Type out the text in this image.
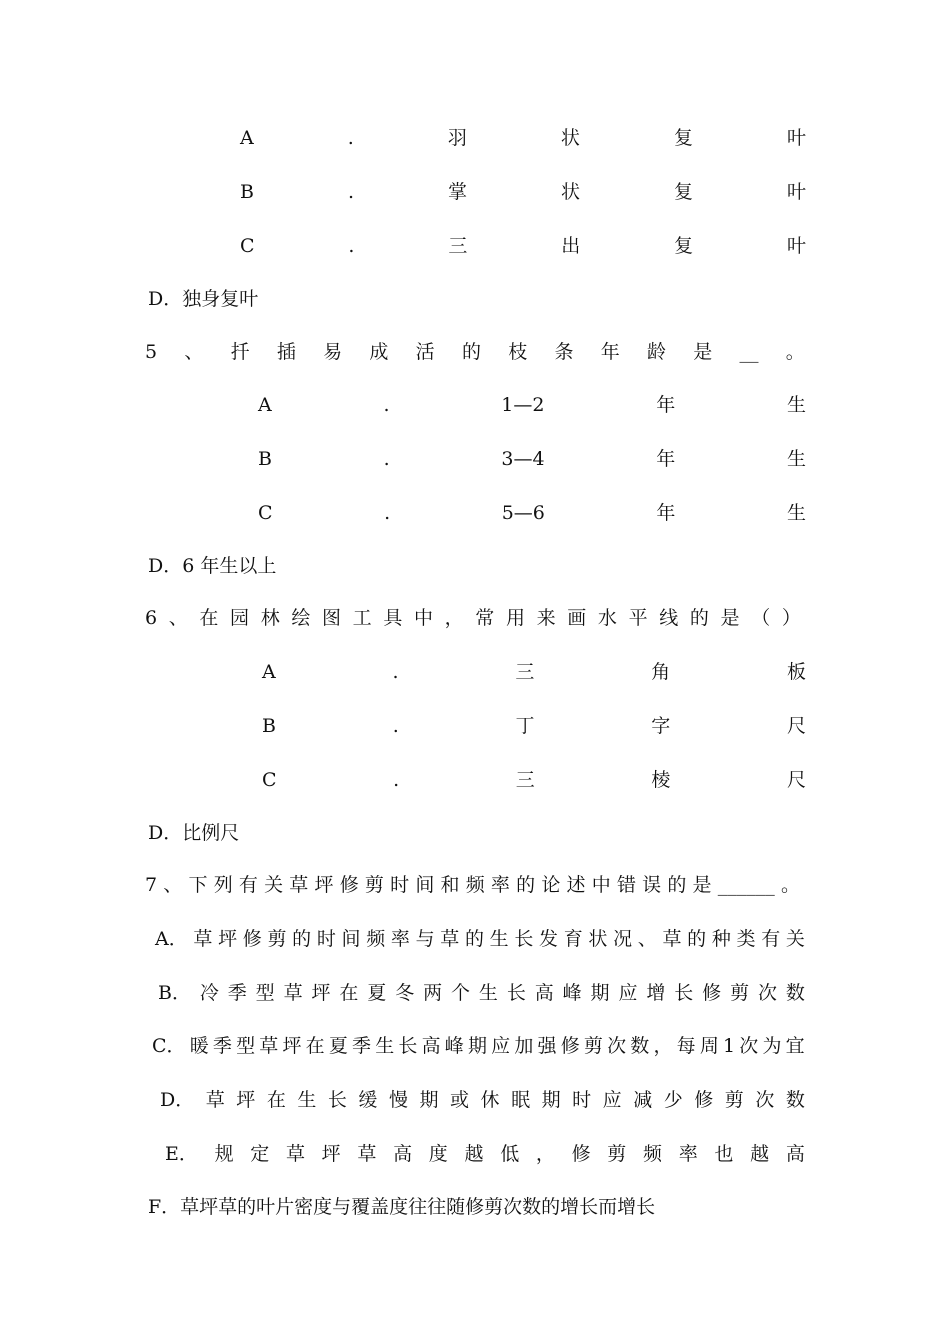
A	.	羽	状	复	叶
B	.	掌	状	复	叶
C	.	三	出	复	叶
D．独身复叶
5 、 扦 插 易 成 活 的 枝 条 年 龄 是 __ 。
A	.	1—2	年	生
B	.	3—4	年	生
C	.	5—6	年	生
D．6 年生以上
6 、 在 园 林 绘 图 工 具 中 ， 常 用 来 画 水 平 线 的 是 （ ）
A	.	三	角	板
B	.	丁	字	尺
C	.	三	棱	尺
D．比例尺
7 、 下 列 有 关 草 坪 修 剪 时 间 和 频 率 的 论 述 中 错 误 的 是 ______ 。
A． 草 坪 修 剪 的 时 间 频 率 与 草 的 生 长 发 育 状 况 、 草 的 种 类 有 关
B． 冷 季 型 草 坪 在 夏 冬 两 个 生 长 高 峰 期 应 增 长 修 剪 次 数
C． 暖 季 型 草 坪 在 夏 季 生 长 高 峰 期 应 加 强 修 剪 次 数 ， 每 周 1 次 为 宜
D． 草 坪 在 生 长 缓 慢 期 或 休 眠 期 时 应 减 少 修 剪 次 数
E． 规 定 草 坪 草 高 度 越 低 ， 修 剪 频 率 也 越 高
F．草坪草的叶片密度与覆盖度往往随修剪次数的增长而增长
